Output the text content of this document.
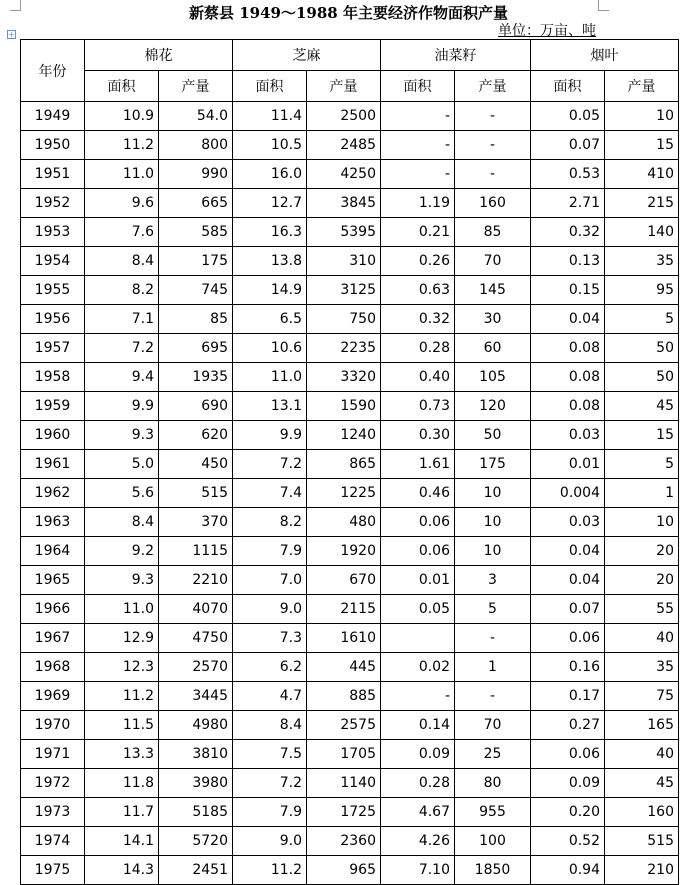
新蔡县 1949～1988 年主要经济作物面积产量
单位：万亩、吨
+
年份	棉花		芝麻		油菜籽		烟叶	
	面积	产量	面积	产量	面积	产量	面积	产量
1949	10.9	54.0	11.4	2500	-	-	0.05	10
1950	11.2	800	10.5	2485	-	-	0.07	15
1951	11.0	990	16.0	4250	-	-	0.53	410
1952	9.6	665	12.7	3845	1.19	160	2.71	215
1953	7.6	585	16.3	5395	0.21	85	0.32	140
1954	8.4	175	13.8	310	0.26	70	0.13	35
1955	8.2	745	14.9	3125	0.63	145	0.15	95
1956	7.1	85	6.5	750	0.32	30	0.04	5
1957	7.2	695	10.6	2235	0.28	60	0.08	50
1958	9.4	1935	11.0	3320	0.40	105	0.08	50
1959	9.9	690	13.1	1590	0.73	120	0.08	45
1960	9.3	620	9.9	1240	0.30	50	0.03	15
1961	5.0	450	7.2	865	1.61	175	0.01	5
1962	5.6	515	7.4	1225	0.46	10	0.004	1
1963	8.4	370	8.2	480	0.06	10	0.03	10
1964	9.2	1115	7.9	1920	0.06	10	0.04	20
1965	9.3	2210	7.0	670	0.01	3	0.04	20
1966	11.0	4070	9.0	2115	0.05	5	0.07	55
1967	12.9	4750	7.3	1610		-	0.06	40
1968	12.3	2570	6.2	445	0.02	1	0.16	35
1969	11.2	3445	4.7	885	-	-	0.17	75
1970	11.5	4980	8.4	2575	0.14	70	0.27	165
1971	13.3	3810	7.5	1705	0.09	25	0.06	40
1972	11.8	3980	7.2	1140	0.28	80	0.09	45
1973	11.7	5185	7.9	1725	4.67	955	0.20	160
1974	14.1	5720	9.0	2360	4.26	100	0.52	515
1975	14.3	2451	11.2	965	7.10	1850	0.94	210
